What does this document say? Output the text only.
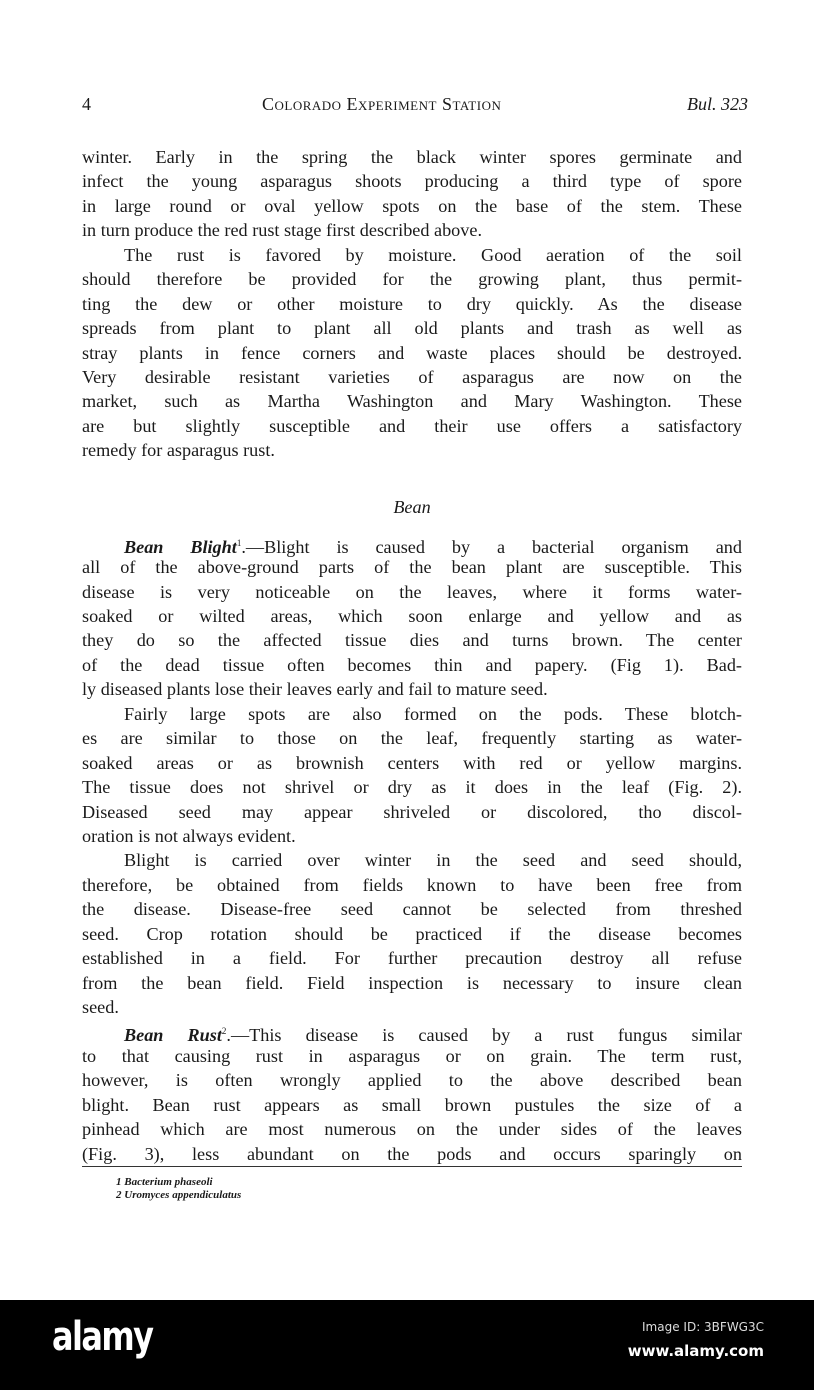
4	Colorado Experiment Station	Bul. 323
winter. Early in the spring the black winter spores germinate and
infect the young asparagus shoots producing a third type of spore
in large round or oval yellow spots on the base of the stem. These
in turn produce the red rust stage first described above.
The rust is favored by moisture. Good aeration of the soil
should therefore be provided for the growing plant, thus permit-
ting the dew or other moisture to dry quickly. As the disease
spreads from plant to plant all old plants and trash as well as
stray plants in fence corners and waste places should be destroyed.
Very desirable resistant varieties of asparagus are now on the
market, such as Martha Washington and Mary Washington. These
are but slightly susceptible and their use offers a satisfactory
remedy for asparagus rust.
Bean
Bean Blight$^1$.—Blight is caused by a bacterial organism and
all of the above-ground parts of the bean plant are susceptible. This
disease is very noticeable on the leaves, where it forms water-
soaked or wilted areas, which soon enlarge and yellow and as
they do so the affected tissue dies and turns brown. The center
of the dead tissue often becomes thin and papery. (Fig 1). Bad-
ly diseased plants lose their leaves early and fail to mature seed.
Fairly large spots are also formed on the pods. These blotch-
es are similar to those on the leaf, frequently starting as water-
soaked areas or as brownish centers with red or yellow margins.
The tissue does not shrivel or dry as it does in the leaf (Fig. 2).
Diseased seed may appear shriveled or discolored, tho discol-
oration is not always evident.
Blight is carried over winter in the seed and seed should,
therefore, be obtained from fields known to have been free from
the disease. Disease-free seed cannot be selected from threshed
seed. Crop rotation should be practiced if the disease becomes
established in a field. For further precaution destroy all refuse
from the bean field. Field inspection is necessary to insure clean
seed.
Bean Rust$^2$.—This disease is caused by a rust fungus similar
to that causing rust in asparagus or on grain. The term rust,
however, is often wrongly applied to the above described bean
blight. Bean rust appears as small brown pustules the size of a
pinhead which are most numerous on the under sides of the leaves
(Fig. 3), less abundant on the pods and occurs sparingly on
1 Bacterium phaseoli
2 Uromyces appendiculatus
alamy	Image ID: 3BFWG3C
www.alamy.com
